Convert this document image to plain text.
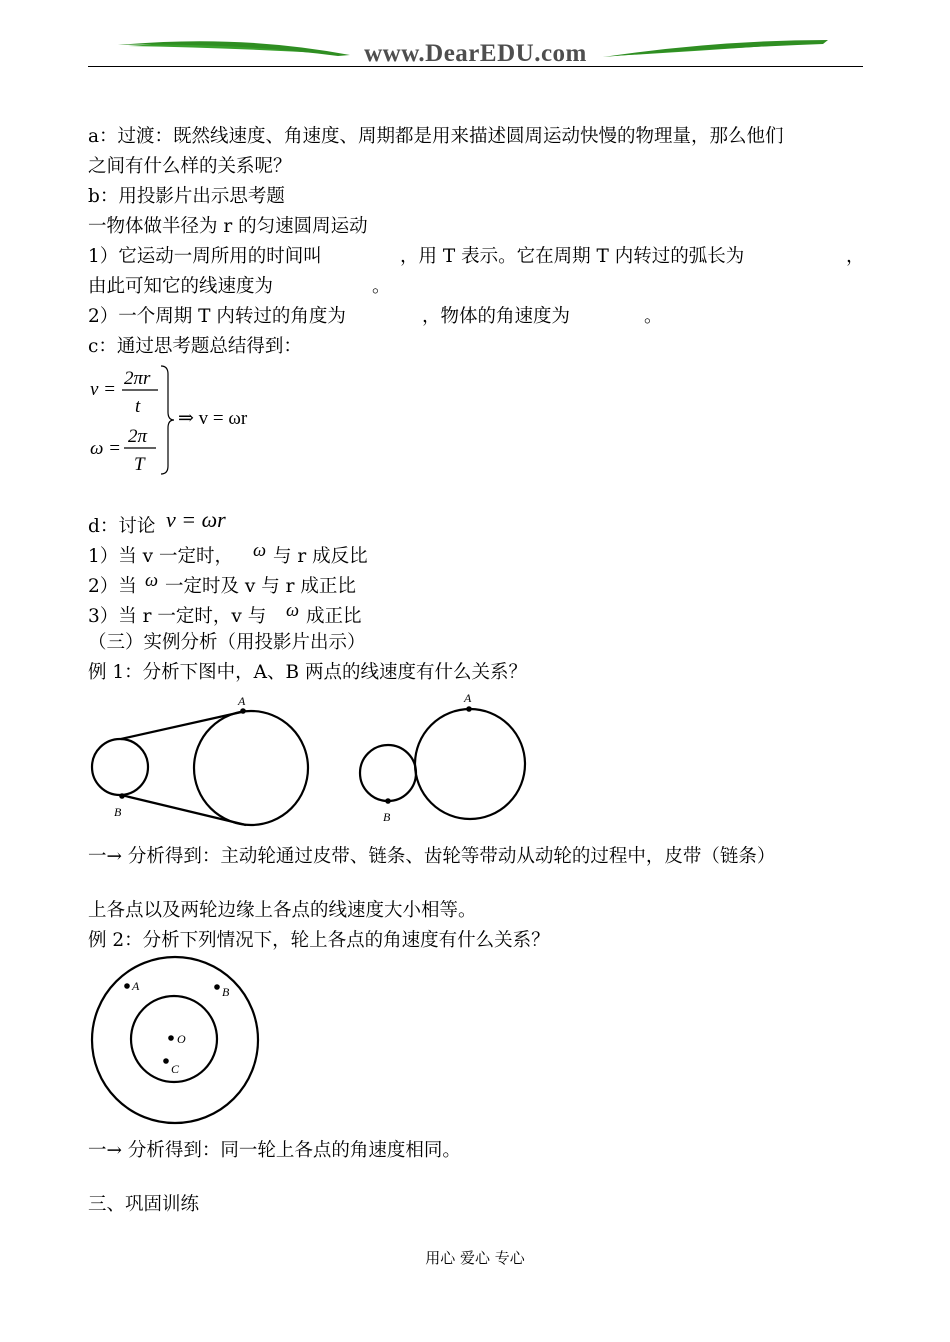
www.DearEDU.com
a：过渡：既然线速度、角速度、周期都是用来描述圆周运动快慢的物理量，那么他们
之间有什么样的关系呢？
b：用投影片出示思考题
一物体做半径为 r 的匀速圆周运动
1）它运动一周所用的时间叫	，用 T 表示。它在周期 T 内转过的弧长为	，
由此可知它的线速度为	。
2）一个周期 T 内转过的角度为	，物体的角速度为	。
c：通过思考题总结得到：
v =
2πr
t
ω =
2π
T
⇒ v = ωr
d：讨论 v = ωr
1）当 v 一定时， ω 与 r 成反比
2）当 ω 一定时及 v 与 r 成正比
3）当 r 一定时，v 与 ω 成正比
（三）实例分析（用投影片出示）
例 1：分析下图中，A、B 两点的线速度有什么关系？
A
B
A
B
一→ 分析得到：主动轮通过皮带、链条、齿轮等带动从动轮的过程中，皮带（链条）
上各点以及两轮边缘上各点的线速度大小相等。
例 2：分析下列情况下，轮上各点的角速度有什么关系？
A	B
O
C
一→ 分析得到：同一轮上各点的角速度相同。
三、巩固训练
用心 爱心 专心
